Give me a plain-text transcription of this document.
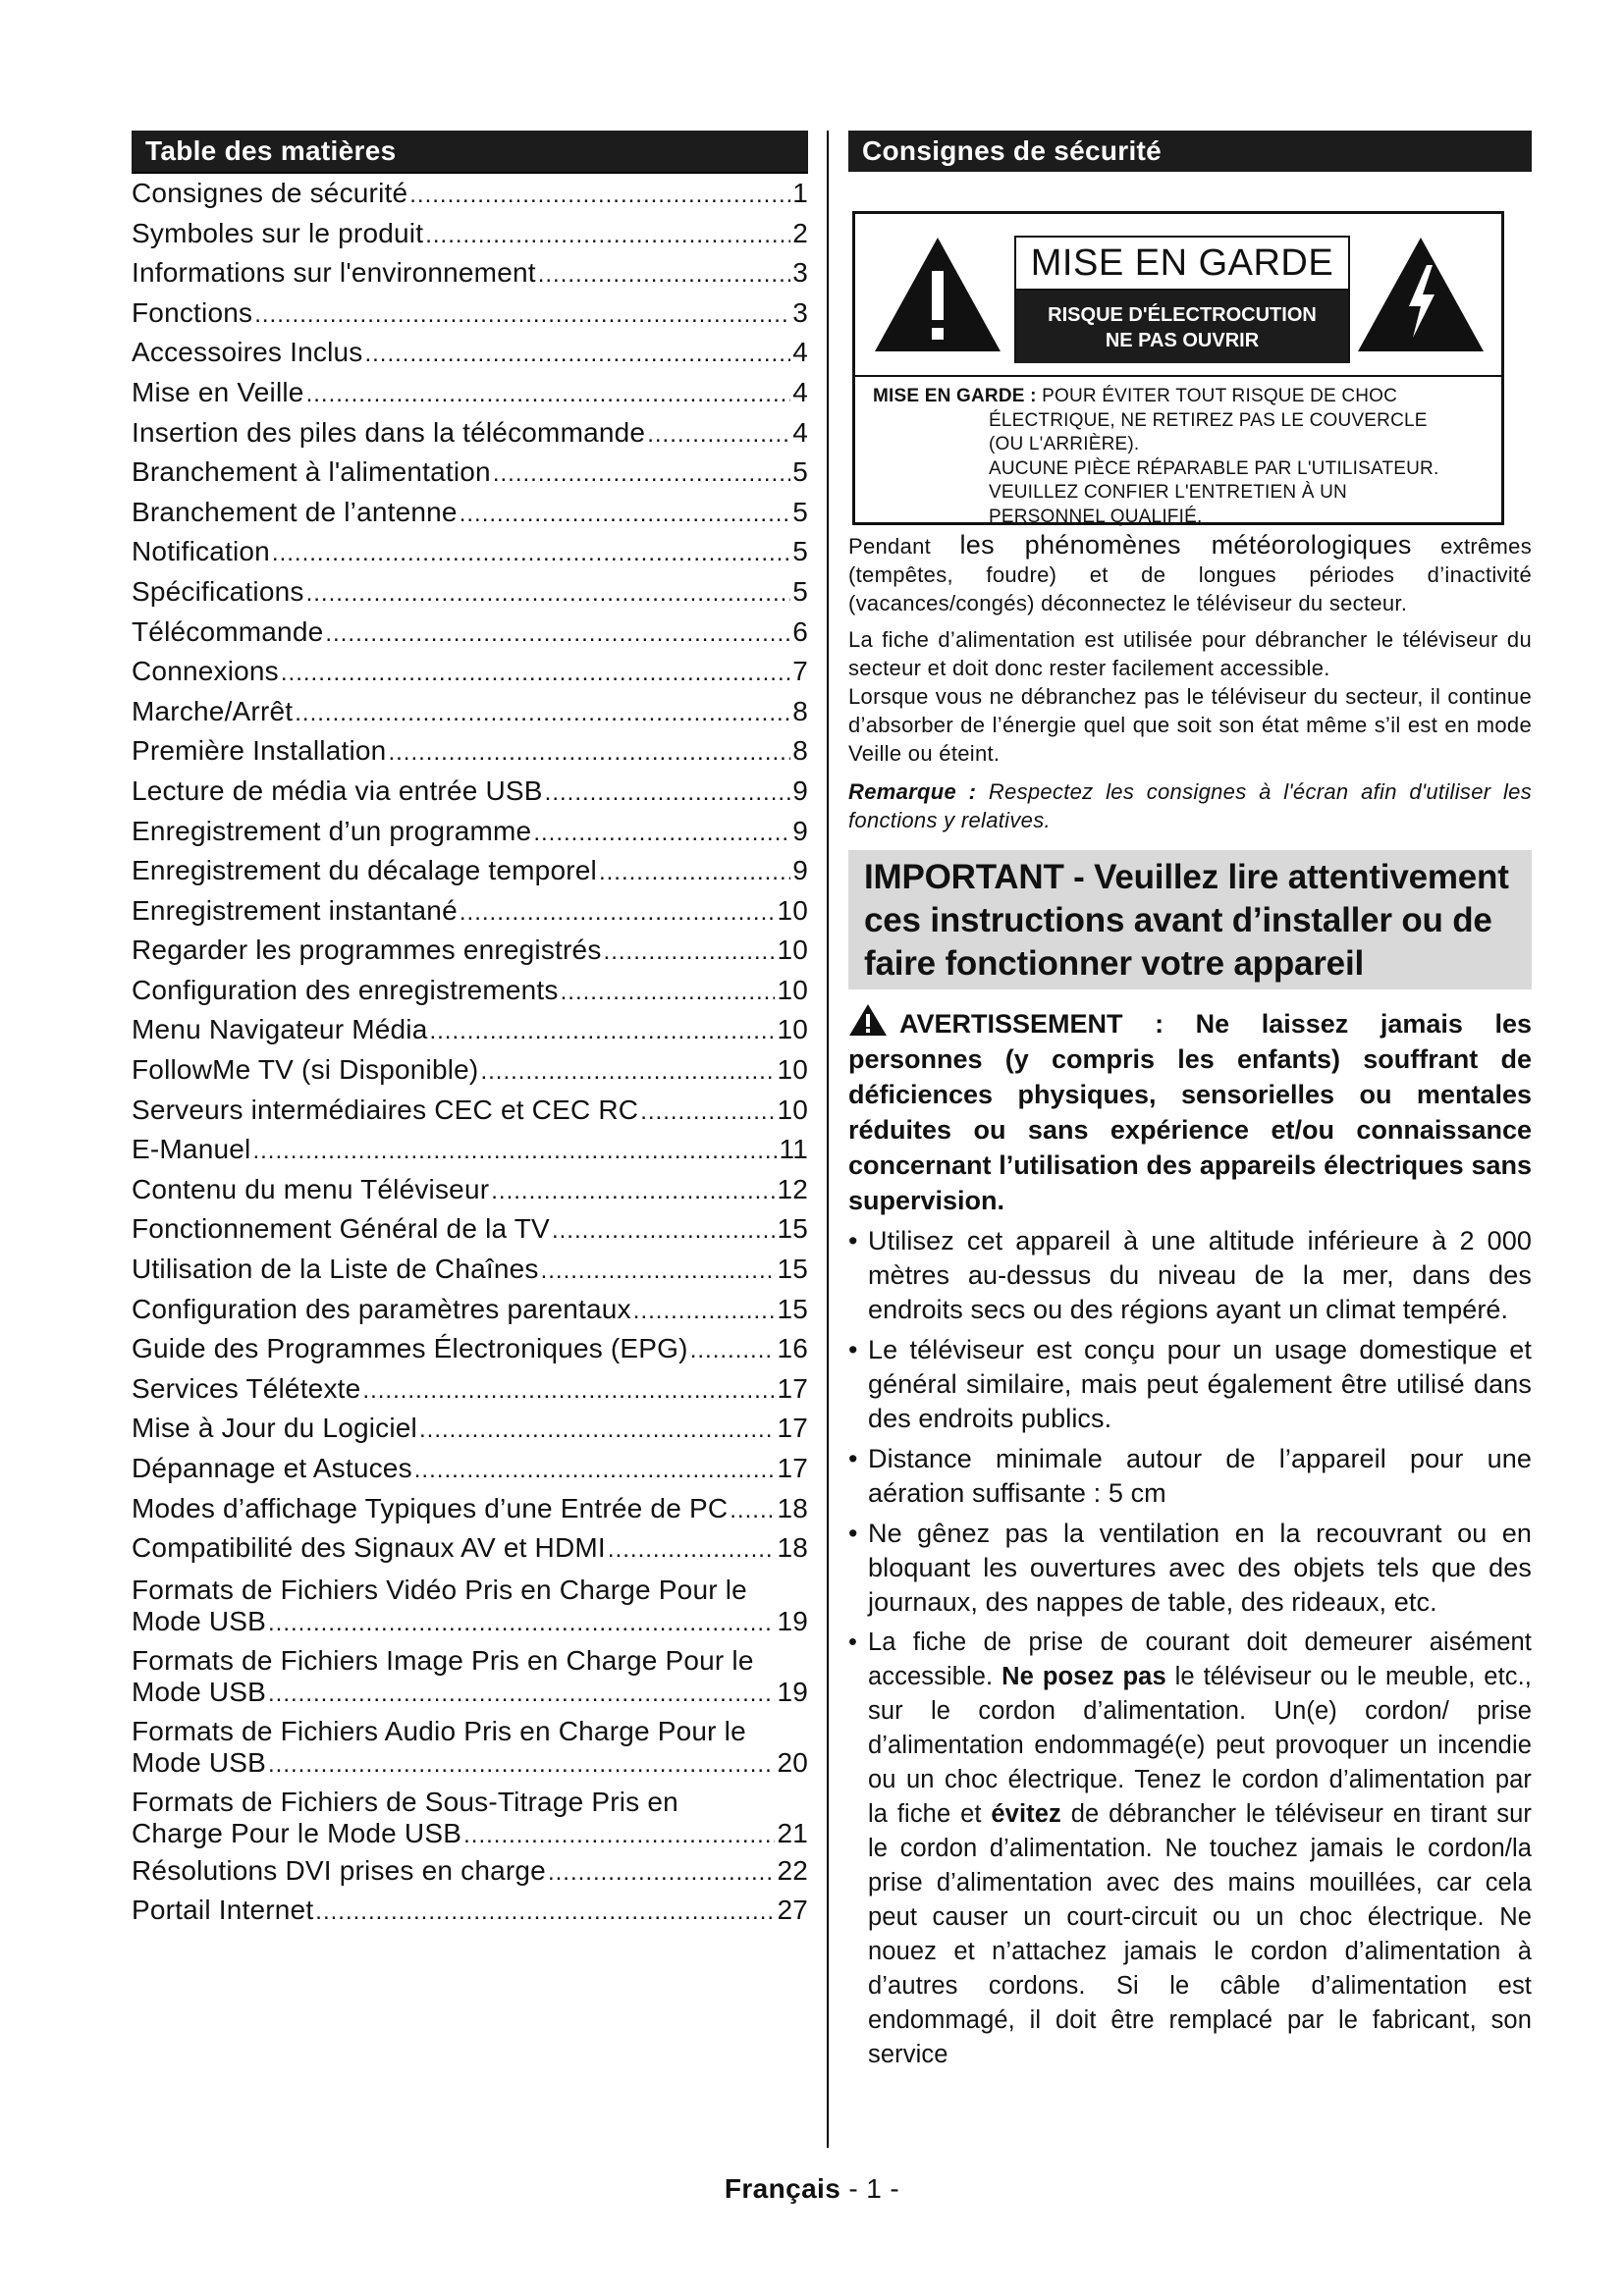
Table des matières
Consignes de sécurité .....	1
Symboles sur le produit .....	2
Informations sur l'environnement .....	3
Fonctions .....	3
Accessoires Inclus .....	4
Mise en Veille .....	4
Insertion des piles dans la télécommande .....	4
Branchement à l'alimentation .....	5
Branchement de l’antenne .....	5
Notification .....	5
Spécifications .....	5
Télécommande .....	6
Connexions .....	7
Marche/Arrêt .....	8
Première Installation .....	8
Lecture de média via entrée USB .....	9
Enregistrement d’un programme .....	9
Enregistrement du décalage temporel .....	9
Enregistrement instantané .....	10
Regarder les programmes enregistrés .....	10
Configuration des enregistrements .....	10
Menu Navigateur Média .....	10
FollowMe TV (si Disponible) .....	10
Serveurs intermédiaires CEC et CEC RC .....	10
E-Manuel .....	11
Contenu du menu Téléviseur .....	12
Fonctionnement Général de la TV .....	15
Utilisation de la Liste de Chaînes .....	15
Configuration des paramètres parentaux .....	15
Guide des Programmes Électroniques (EPG) .....	16
Services Télétexte .....	17
Mise à Jour du Logiciel .....	17
Dépannage et Astuces .....	17
Modes d’affichage Typiques d’une Entrée de PC ..... 18
Compatibilité des Signaux AV et HDMI .....	18
Formats de Fichiers Vidéo Pris en Charge Pour le
Mode USB .....	19
Formats de Fichiers Image Pris en Charge Pour le
Mode USB .....	19
Formats de Fichiers Audio Pris en Charge Pour le
Mode USB .....	20
Formats de Fichiers de Sous-Titrage Pris en
Charge Pour le Mode USB .....	21
Résolutions DVI prises en charge .....	22
Portail Internet .....	27
Consignes de sécurité
MISE EN GARDE
RISQUE D'ÉLECTROCUTION
NE PAS OUVRIR
MISE EN GARDE : POUR ÉVITER TOUT RISQUE DE CHOC
ÉLECTRIQUE, NE RETIREZ PAS LE COUVERCLE
(OU L'ARRIÈRE).
AUCUNE PIÈCE RÉPARABLE PAR L'UTILISATEUR.
VEUILLEZ CONFIER L'ENTRETIEN À UN
PERSONNEL QUALIFIÉ.

Pendant les phénomènes météorologiques extrêmes (tempêtes, foudre) et de longues périodes d’inactivité (vacances/congés) déconnectez le téléviseur du secteur.

La fiche d’alimentation est utilisée pour débrancher le téléviseur du secteur et doit donc rester facilement accessible.

Lorsque vous ne débranchez pas le téléviseur du secteur, il continue d’absorber de l’énergie quel que soit son état même s’il est en mode Veille ou éteint.

Remarque : Respectez les consignes à l'écran afin d'utiliser les fonctions y relatives.

IMPORTANT - Veuillez lire attentivement ces instructions avant d’installer ou de faire fonctionner votre appareil
AVERTISSEMENT : Ne laissez jamais les personnes (y compris les enfants) souffrant de déficiences physiques, sensorielles ou mentales réduites ou sans expérience et/ou connaissance concernant l’utilisation des appareils électriques sans supervision.
• Utilisez cet appareil à une altitude inférieure à 2 000 mètres au-dessus du niveau de la mer, dans des endroits secs ou des régions ayant un climat tempéré.
• Le téléviseur est conçu pour un usage domestique et général similaire, mais peut également être utilisé dans des endroits publics.
• Distance minimale autour de l’appareil pour une aération suffisante : 5 cm
• Ne gênez pas la ventilation en la recouvrant ou en bloquant les ouvertures avec des objets tels que des journaux, des nappes de table, des rideaux, etc.
• La fiche de prise de courant doit demeurer aisément accessible. Ne posez pas le téléviseur ou le meuble, etc., sur le cordon d’alimentation. Un(e) cordon/ prise d’alimentation endommagé(e) peut provoquer un incendie ou un choc électrique. Tenez le cordon d’alimentation par la fiche et évitez de débrancher le téléviseur en tirant sur le cordon d’alimentation. Ne touchez jamais le cordon/la prise d’alimentation avec des mains mouillées, car cela peut causer un court-circuit ou un choc électrique. Ne nouez et n’attachez jamais le cordon d’alimentation à d’autres cordons. Si le câble d’alimentation est endommagé, il doit être remplacé par le fabricant, son service
Français - 1 -
